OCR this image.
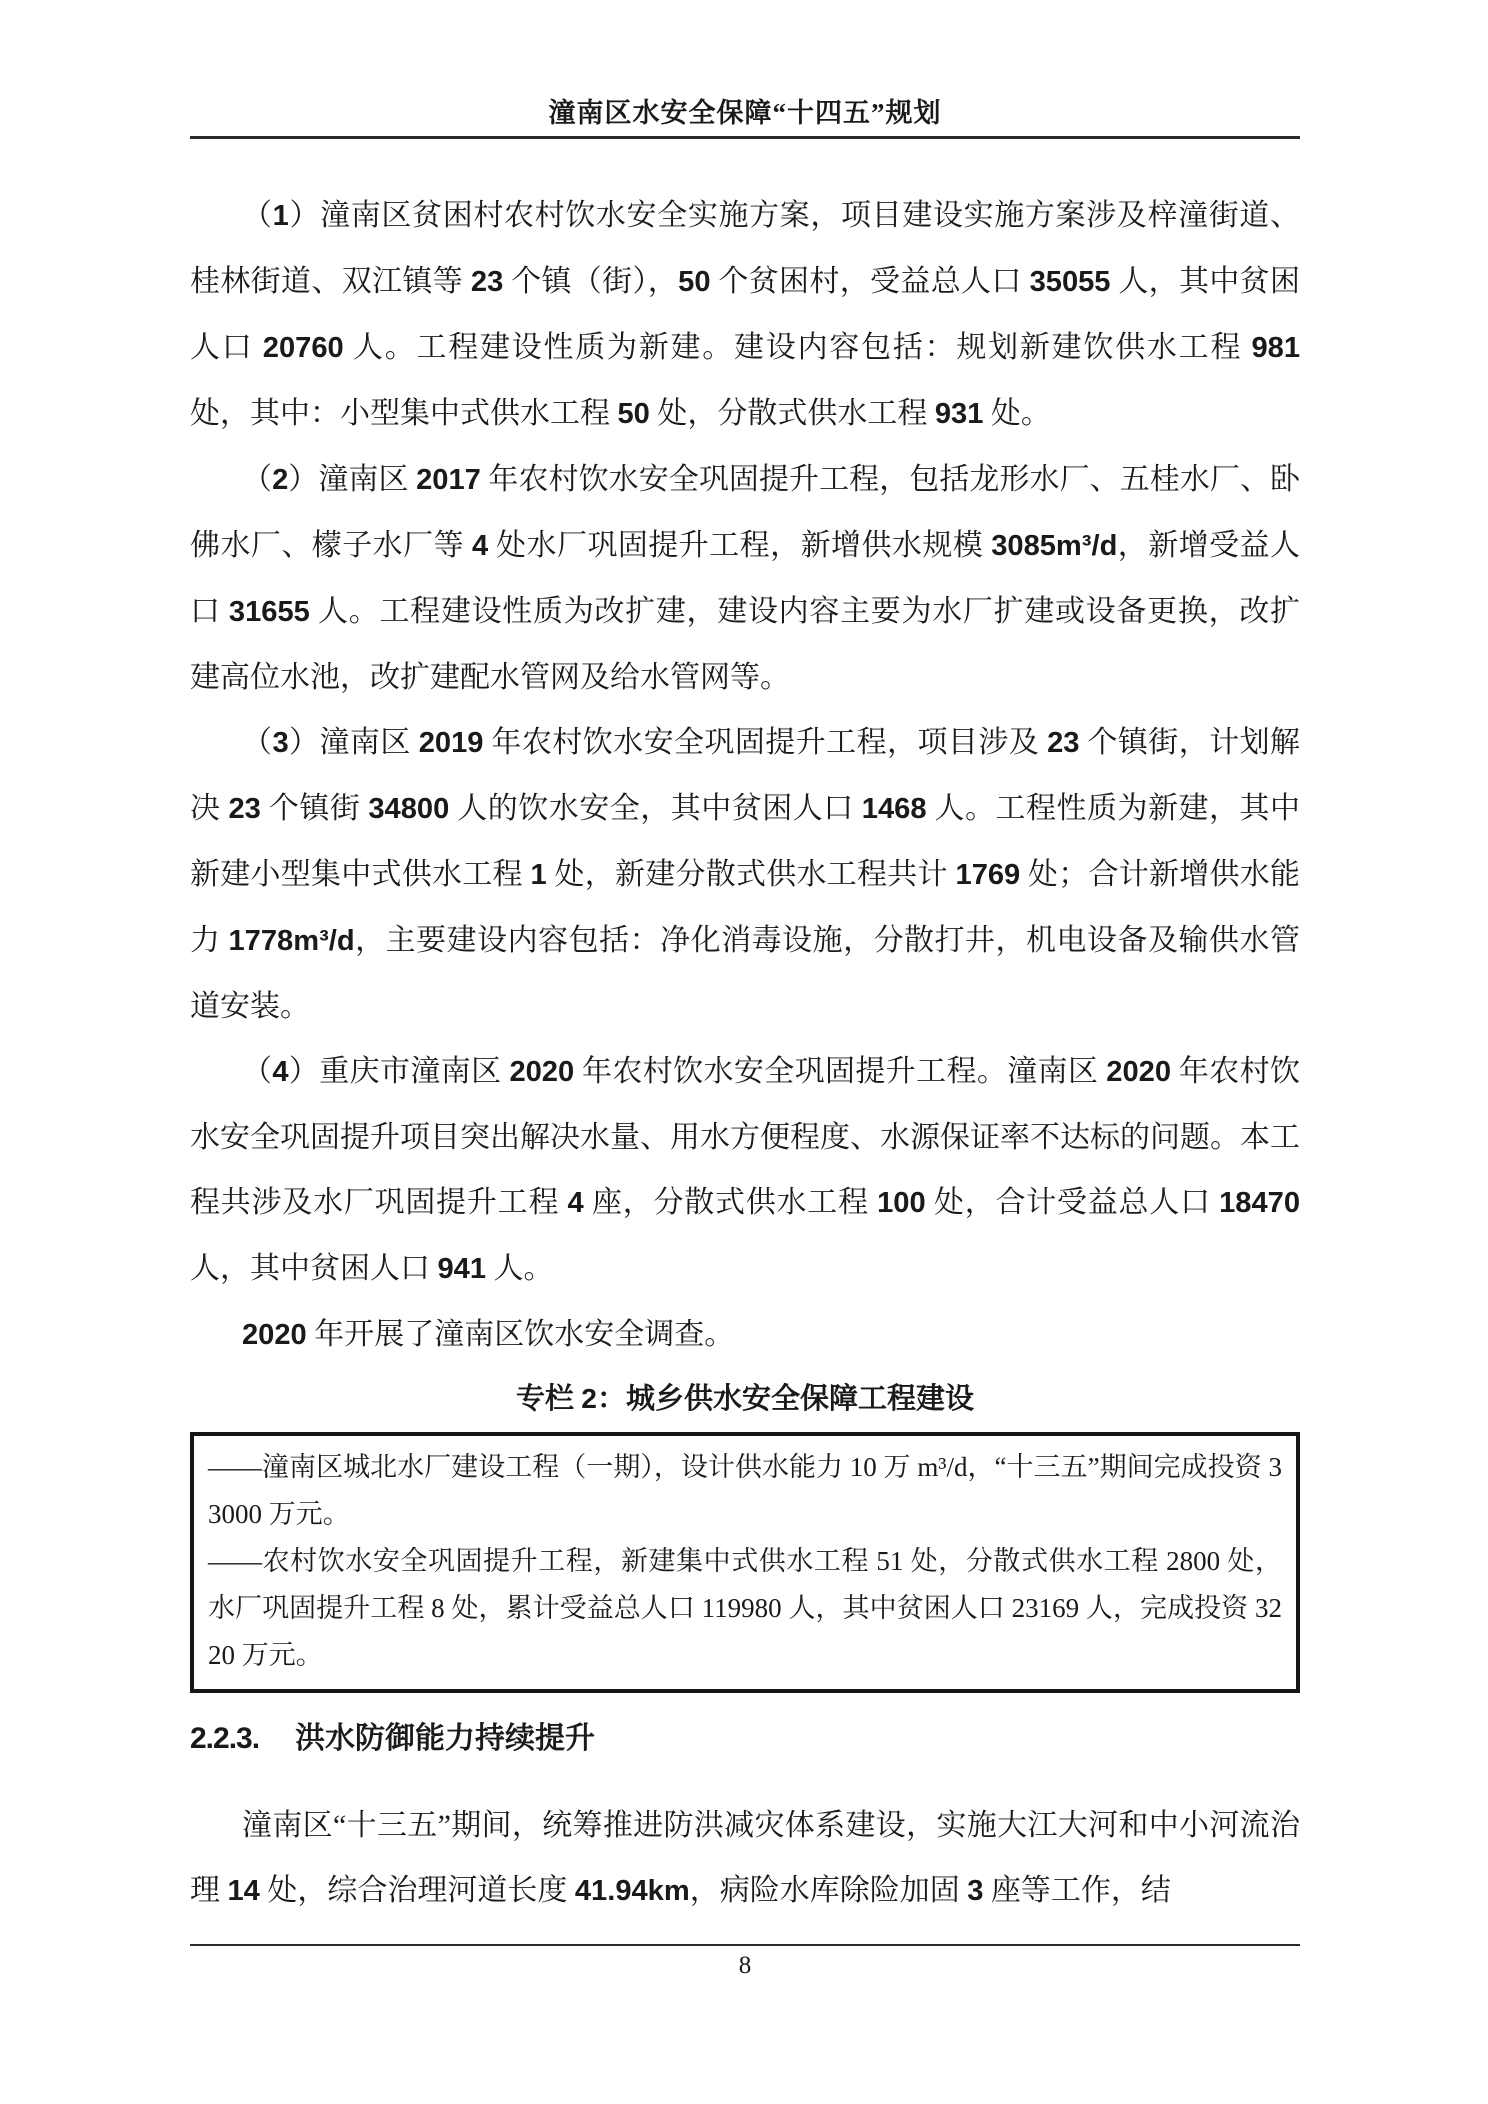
潼南区水安全保障“十四五”规划

（1）潼南区贫困村农村饮水安全实施方案，项目建设实施方案涉及梓潼街道、桂林街道、双江镇等 23 个镇（街），50 个贫困村，受益总人口 35055 人，其中贫困人口 20760 人。工程建设性质为新建。建设内容包括：规划新建饮供水工程 981 处，其中：小型集中式供水工程 50 处，分散式供水工程 931 处。

（2）潼南区 2017 年农村饮水安全巩固提升工程，包括龙形水厂、五桂水厂、卧佛水厂、檬子水厂等 4 处水厂巩固提升工程，新增供水规模 3085m³/d，新增受益人口 31655 人。工程建设性质为改扩建，建设内容主要为水厂扩建或设备更换，改扩建高位水池，改扩建配水管网及给水管网等。

（3）潼南区 2019 年农村饮水安全巩固提升工程，项目涉及 23 个镇街，计划解决 23 个镇街 34800 人的饮水安全，其中贫困人口 1468 人。工程性质为新建，其中新建小型集中式供水工程 1 处，新建分散式供水工程共计 1769 处；合计新增供水能力 1778m³/d，主要建设内容包括：净化消毒设施，分散打井，机电设备及输供水管道安装。

（4）重庆市潼南区 2020 年农村饮水安全巩固提升工程。潼南区 2020 年农村饮水安全巩固提升项目突出解决水量、用水方便程度、水源保证率不达标的问题。本工程共涉及水厂巩固提升工程 4 座，分散式供水工程 100 处，合计受益总人口 18470 人，其中贫困人口 941 人。

2020 年开展了潼南区饮水安全调查。

专栏 2：城乡供水安全保障工程建设

——潼南区城北水厂建设工程（一期），设计供水能力 10 万 m³/d，“十三五”期间完成投资 33000 万元。

——农村饮水安全巩固提升工程，新建集中式供水工程 51 处，分散式供水工程 2800 处，水厂巩固提升工程 8 处，累计受益总人口 119980 人，其中贫困人口 23169 人，完成投资 3220 万元。

2.2.3. 洪水防御能力持续提升

潼南区“十三五”期间，统筹推进防洪减灾体系建设，实施大江大河和中小河流治理 14 处，综合治理河道长度 41.94km，病险水库除险加固 3 座等工作，结

8
